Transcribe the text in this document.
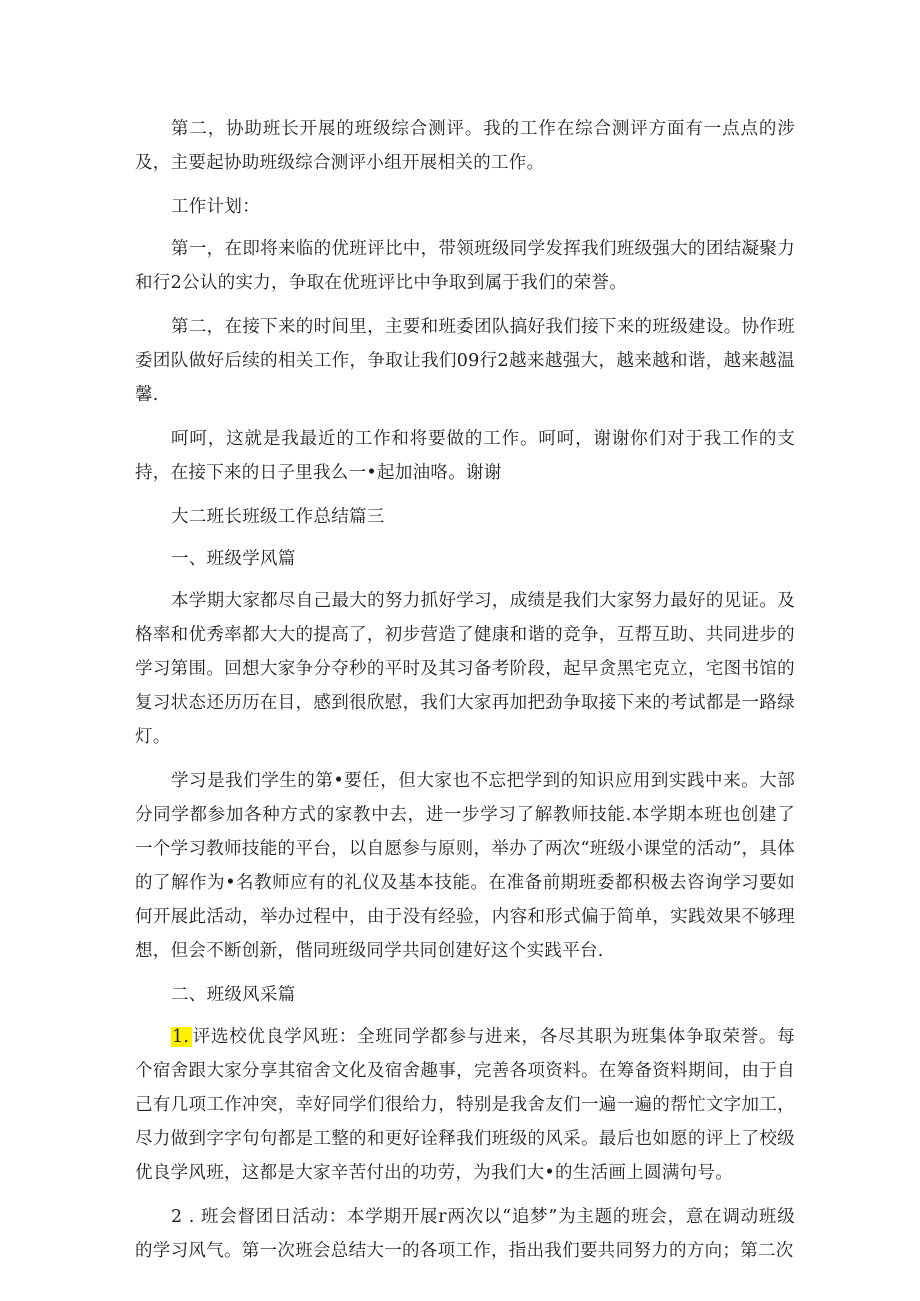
第二，协助班长开展的班级综合测评。我的工作在综合测评方面有一点点的涉及，主要起协助班级综合测评小组开展相关的工作。

工作计划：

第一，在即将来临的优班评比中，带领班级同学发挥我们班级强大的团结凝聚力和行2公认的实力，争取在优班评比中争取到属于我们的荣誉。

第二，在接下来的时间里，主要和班委团队搞好我们接下来的班级建设。协作班委团队做好后续的相关工作，争取让我们09行2越来越强大，越来越和谐，越来越温馨.

呵呵，这就是我最近的工作和将要做的工作。呵呵，谢谢你们对于我工作的支持，在接下来的日子里我么一•起加油咯。谢谢

大二班长班级工作总结篇三

一、班级学风篇

本学期大家都尽自己最大的努力抓好学习，成绩是我们大家努力最好的见证。及格率和优秀率都大大的提高了，初步营造了健康和谐的竞争，互帮互助、共同进步的学习第围。回想大家争分夺秒的平时及其习备考阶段，起早贪黑宅克立，宅图书馆的复习状态还历历在目，感到很欣慰，我们大家再加把劲争取接下来的考试都是一路绿灯。

学习是我们学生的第•要任，但大家也不忘把学到的知识应用到实践中来。大部分同学都参加各种方式的家教中去，进一步学习了解教师技能.本学期本班也创建了一个学习教师技能的平台，以自愿参与原则，举办了两次“班级小课堂的活动”，具体的了解作为•名教师应有的礼仪及基本技能。在准备前期班委都积极去咨询学习要如何开展此活动，举办过程中，由于没有经验，内容和形式偏于简单，实践效果不够理想，但会不断创新，偕同班级同学共同创建好这个实践平台.

二、班级风采篇

1. 评选校优良学风班：全班同学都参与进来，各尽其职为班集体争取荣誉。每个宿舍跟大家分享其宿舍文化及宿舍趣事，完善各项资料。在筹备资料期间，由于自己有几项工作冲突，幸好同学们很给力，特别是我舍友们一遍一遍的帮忙文字加工，尽力做到字字句句都是工整的和更好诠释我们班级的风采。最后也如愿的评上了校级优良学风班，这都是大家辛苦付出的功劳，为我们大•的生活画上圆满句号。

2 . 班会督团日活动：本学期开展r两次以“追梦”为主题的班会，意在调动班级的学习风气。第一次班会总结大一的各项工作，指出我们要共同努力的方向；第二次
